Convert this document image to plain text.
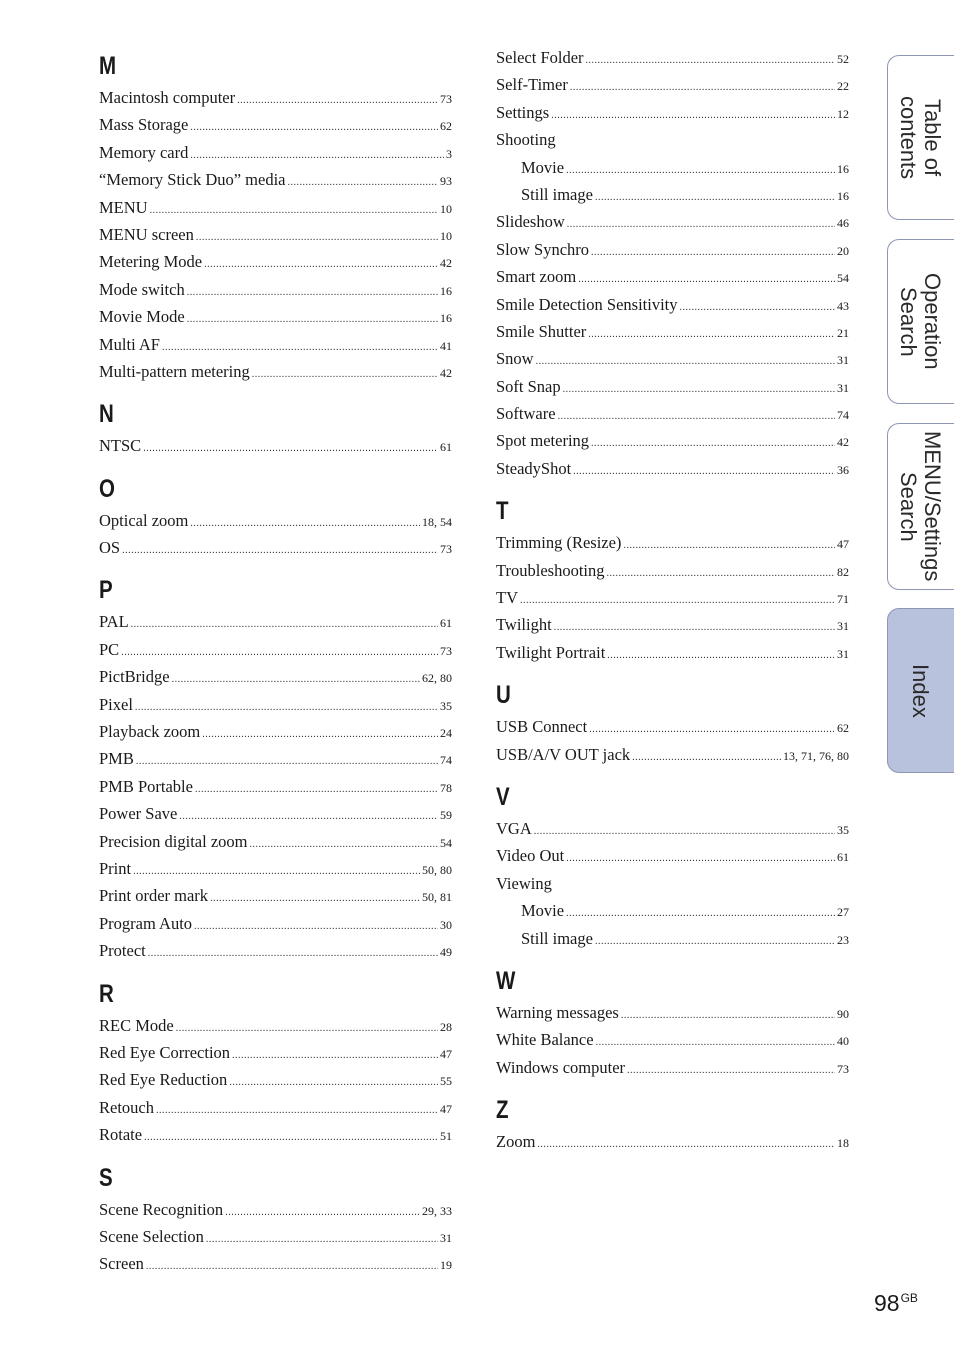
M
Macintosh computer .....	73
Mass Storage .....	62
Memory card .....	3
“Memory Stick Duo” media .....	93
MENU .....	10
MENU screen .....	10
Metering Mode .....	42
Mode switch .....	16
Movie Mode .....	16
Multi AF .....	41
Multi-pattern metering .....	42
N
NTSC .....	61
O
Optical zoom .....	18, 54
OS .....	73
P
PAL .....	61
PC .....	73
PictBridge .....	62, 80
Pixel .....	35
Playback zoom .....	24
PMB .....	74
PMB Portable .....	78
Power Save .....	59
Precision digital zoom .....	54
Print .....	50, 80
Print order mark .....	50, 81
Program Auto .....	30
Protect .....	49
R
REC Mode .....	28
Red Eye Correction .....	47
Red Eye Reduction .....	55
Retouch .....	47
Rotate .....	51
S
Scene Recognition .....	29, 33
Scene Selection .....	31
Screen .....	19
Select Folder .....	52
Self-Timer .....	22
Settings .....	12
Shooting
Movie .....	16
Still image .....	16
Slideshow .....	46
Slow Synchro .....	20
Smart zoom .....	54
Smile Detection Sensitivity .....	43
Smile Shutter .....	21
Snow .....	31
Soft Snap .....	31
Software .....	74
Spot metering .....	42
SteadyShot .....	36
T
Trimming (Resize) .....	47
Troubleshooting .....	82
TV .....	71
Twilight .....	31
Twilight Portrait .....	31
U
USB Connect .....	62
USB/A/V OUT jack .....	13, 71, 76, 80
V
VGA .....	35
Video Out .....	61
Viewing
Movie .....	27
Still image .....	23
W
Warning messages .....	90
White Balance .....	40
Windows computer .....	73
Z
Zoom .....	18
Table of
contents
Operation
Search
MENU/Settings
Search
Index
$98^{GB}$
